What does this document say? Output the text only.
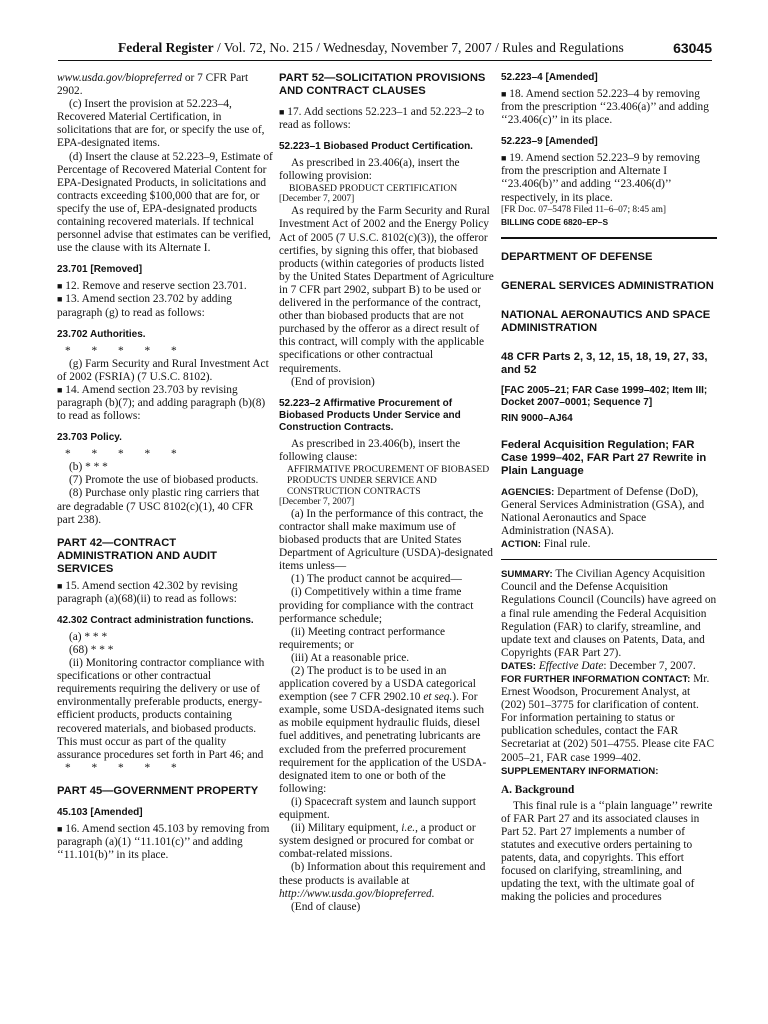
Federal Register / Vol. 72, No. 215 / Wednesday, November 7, 2007 / Rules and Regulations	63045

www.usda.gov/biopreferred or 7 CFR Part 2902.

(c) Insert the provision at 52.223–4, Recovered Material Certification, in solicitations that are for, or specify the use of, EPA-designated items.

(d) Insert the clause at 52.223–9, Estimate of Percentage of Recovered Material Content for EPA-Designated Products, in solicitations and contracts exceeding $100,000 that are for, or specify the use of, EPA-designated products containing recovered materials. If technical personnel advise that estimates can be verified, use the clause with its Alternate I.

23.701 [Removed]

■ 12. Remove and reserve section 23.701.

■ 13. Amend section 23.702 by adding paragraph (g) to read as follows:

23.702 Authorities.

* * * * *

(g) Farm Security and Rural Investment Act of 2002 (FSRIA) (7 U.S.C. 8102).

■ 14. Amend section 23.703 by revising paragraph (b)(7); and adding paragraph (b)(8) to read as follows:

23.703 Policy.

* * * * *

(b) * * *

(7) Promote the use of biobased products.

(8) Purchase only plastic ring carriers that are degradable (7 USC 8102(c)(1), 40 CFR part 238).

PART 42—CONTRACT ADMINISTRATION AND AUDIT SERVICES

■ 15. Amend section 42.302 by revising paragraph (a)(68)(ii) to read as follows:

42.302 Contract administration functions.

(a) * * *

(68) * * *

(ii) Monitoring contractor compliance with specifications or other contractual requirements requiring the delivery or use of environmentally preferable products, energy-efficient products, products containing recovered materials, and biobased products. This must occur as part of the quality assurance procedures set forth in Part 46; and

* * * * *

PART 45—GOVERNMENT PROPERTY
45.103 [Amended]

■ 16. Amend section 45.103 by removing from paragraph (a)(1) ‘‘11.101(c)’’ and adding ‘‘11.101(b)’’ in its place.

PART 52—SOLICITATION PROVISIONS AND CONTRACT CLAUSES

■ 17. Add sections 52.223–1 and 52.223–2 to read as follows:

52.223–1 Biobased Product Certification.

As prescribed in 23.406(a), insert the following provision:

BIOBASED PRODUCT CERTIFICATION

[December 7, 2007]

As required by the Farm Security and Rural Investment Act of 2002 and the Energy Policy Act of 2005 (7 U.S.C. 8102(c)(3)), the offeror certifies, by signing this offer, that biobased products (within categories of products listed by the United States Department of Agriculture in 7 CFR part 2902, subpart B) to be used or delivered in the performance of the contract, other than biobased products that are not purchased by the offeror as a direct result of this contract, will comply with the applicable specifications or other contractual requirements.

(End of provision)

52.223–2 Affirmative Procurement of Biobased Products Under Service and Construction Contracts.

As prescribed in 23.406(b), insert the following clause:

AFFIRMATIVE PROCUREMENT OF BIOBASED PRODUCTS UNDER SERVICE AND CONSTRUCTION CONTRACTS

[December 7, 2007]

(a) In the performance of this contract, the contractor shall make maximum use of biobased products that are United States Department of Agriculture (USDA)-designated items unless—

(1) The product cannot be acquired—

(i) Competitively within a time frame providing for compliance with the contract performance schedule;

(ii) Meeting contract performance requirements; or

(iii) At a reasonable price.

(2) The product is to be used in an application covered by a USDA categorical exemption (see 7 CFR 2902.10 et seq.). For example, some USDA-designated items such as mobile equipment hydraulic fluids, diesel fuel additives, and penetrating lubricants are excluded from the preferred procurement requirement for the application of the USDA-designated item to one or both of the following:

(i) Spacecraft system and launch support equipment.

(ii) Military equipment, i.e., a product or system designed or procured for combat or combat-related missions.

(b) Information about this requirement and these products is available at http://www.usda.gov/biopreferred.

(End of clause)

52.223–4 [Amended]

■ 18. Amend section 52.223–4 by removing from the prescription ‘‘23.406(a)’’ and adding ‘‘23.406(c)’’ in its place.

52.223–9 [Amended]

■ 19. Amend section 52.223–9 by removing from the prescription and Alternate I ‘‘23.406(b)’’ and adding ‘‘23.406(d)’’ respectively, in its place.

[FR Doc. 07–5478 Filed 11–6–07; 8:45 am]

BILLING CODE 6820–EP–S

DEPARTMENT OF DEFENSE
GENERAL SERVICES ADMINISTRATION
NATIONAL AERONAUTICS AND SPACE ADMINISTRATION
48 CFR Parts 2, 3, 12, 15, 18, 19, 27, 33, and 52
[FAC 2005–21; FAR Case 1999–402; Item III; Docket 2007–0001; Sequence 7]
RIN 9000–AJ64
Federal Acquisition Regulation; FAR Case 1999–402, FAR Part 27 Rewrite in Plain Language

AGENCIES: Department of Defense (DoD), General Services Administration (GSA), and National Aeronautics and Space Administration (NASA).

ACTION: Final rule.

SUMMARY: The Civilian Agency Acquisition Council and the Defense Acquisition Regulations Council (Councils) have agreed on a final rule amending the Federal Acquisition Regulation (FAR) to clarify, streamline, and update text and clauses on Patents, Data, and Copyrights (FAR Part 27).

DATES: Effective Date: December 7, 2007.

FOR FURTHER INFORMATION CONTACT: Mr. Ernest Woodson, Procurement Analyst, at (202) 501–3775 for clarification of content. For information pertaining to status or publication schedules, contact the FAR Secretariat at (202) 501–4755. Please cite FAC 2005–21, FAR case 1999–402.

SUPPLEMENTARY INFORMATION:

A. Background

This final rule is a ‘‘plain language’’ rewrite of FAR Part 27 and its associated clauses in Part 52. Part 27 implements a number of statutes and executive orders pertaining to patents, data, and copyrights. This effort focused on clarifying, streamlining, and updating the text, with the ultimate goal of making the policies and procedures
